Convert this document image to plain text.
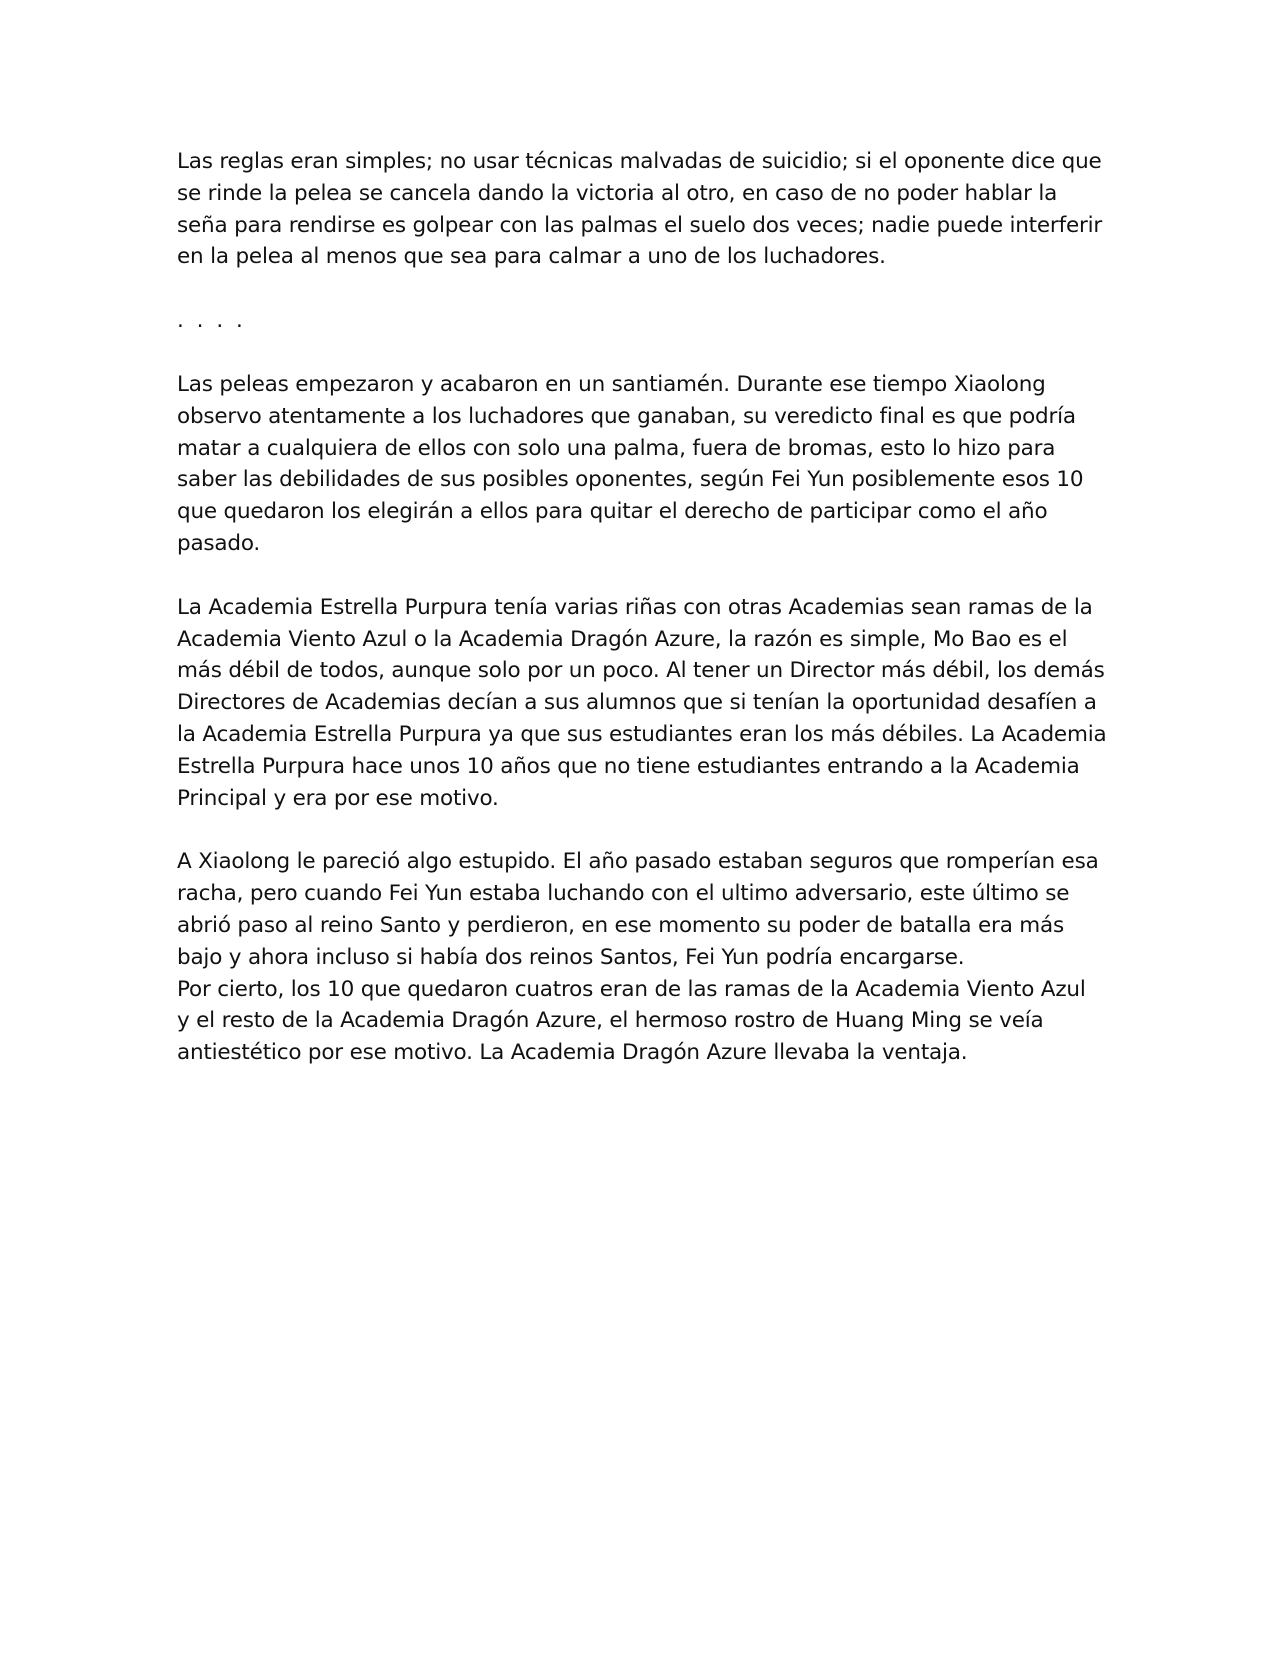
Las reglas eran simples; no usar técnicas malvadas de suicidio; si el oponente dice que
se rinde la pelea se cancela dando la victoria al otro, en caso de no poder hablar la
seña para rendirse es golpear con las palmas el suelo dos veces; nadie puede interferir
en la pelea al menos que sea para calmar a uno de los luchadores.

. . . .

Las peleas empezaron y acabaron en un santiamén. Durante ese tiempo Xiaolong
observo atentamente a los luchadores que ganaban, su veredicto final es que podría
matar a cualquiera de ellos con solo una palma, fuera de bromas, esto lo hizo para
saber las debilidades de sus posibles oponentes, según Fei Yun posiblemente esos 10
que quedaron los elegirán a ellos para quitar el derecho de participar como el año
pasado.

La Academia Estrella Purpura tenía varias riñas con otras Academias sean ramas de la
Academia Viento Azul o la Academia Dragón Azure, la razón es simple, Mo Bao es el
más débil de todos, aunque solo por un poco. Al tener un Director más débil, los demás
Directores de Academias decían a sus alumnos que si tenían la oportunidad desafíen a
la Academia Estrella Purpura ya que sus estudiantes eran los más débiles. La Academia
Estrella Purpura hace unos 10 años que no tiene estudiantes entrando a la Academia
Principal y era por ese motivo.

A Xiaolong le pareció algo estupido. El año pasado estaban seguros que romperían esa
racha, pero cuando Fei Yun estaba luchando con el ultimo adversario, este último se
abrió paso al reino Santo y perdieron, en ese momento su poder de batalla era más
bajo y ahora incluso si había dos reinos Santos, Fei Yun podría encargarse.

Por cierto, los 10 que quedaron cuatros eran de las ramas de la Academia Viento Azul
y el resto de la Academia Dragón Azure, el hermoso rostro de Huang Ming se veía
antiestético por ese motivo. La Academia Dragón Azure llevaba la ventaja.
